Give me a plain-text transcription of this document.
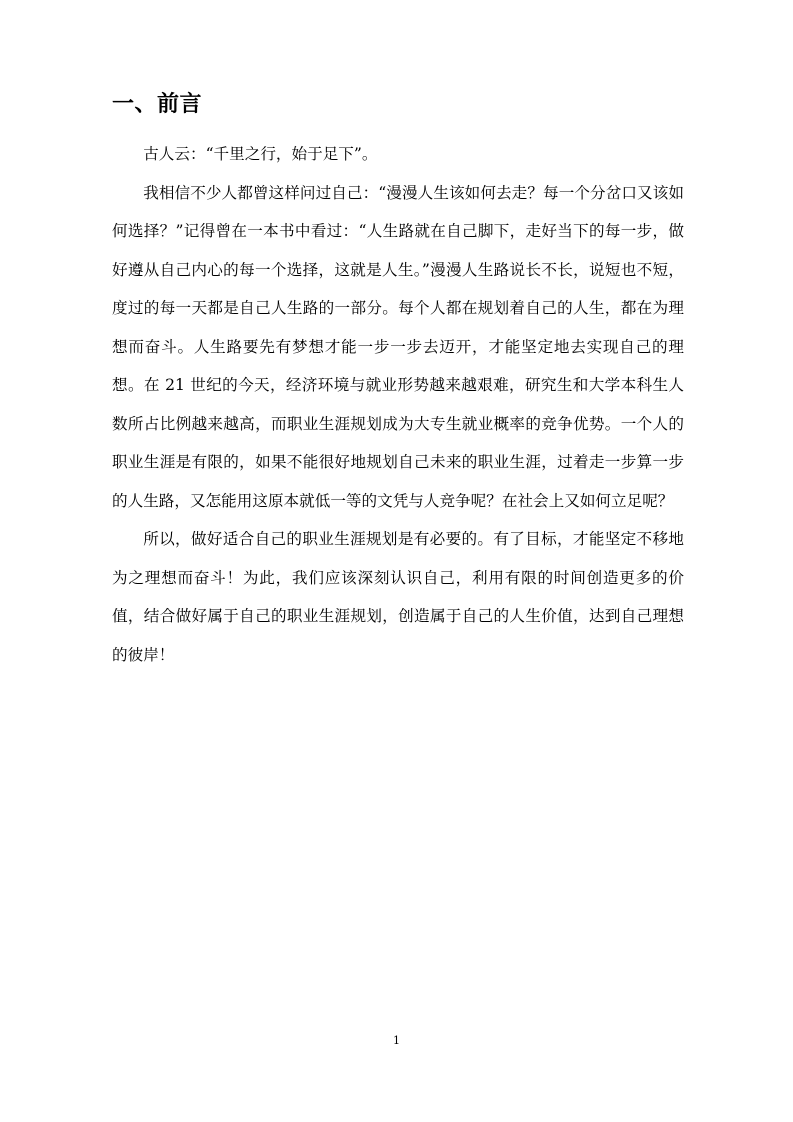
一、前言

古人云：“千里之行，始于足下”。

我相信不少人都曾这样问过自己：“漫漫人生该如何去走？每一个分岔口又该如何选择？”记得曾在一本书中看过：“人生路就在自己脚下，走好当下的每一步，做好遵从自己内心的每一个选择，这就是人生。”漫漫人生路说长不长，说短也不短，度过的每一天都是自己人生路的一部分。每个人都在规划着自己的人生，都在为理想而奋斗。人生路要先有梦想才能一步一步去迈开，才能坚定地去实现自己的理想。在 21 世纪的今天，经济环境与就业形势越来越艰难，研究生和大学本科生人数所占比例越来越高，而职业生涯规划成为大专生就业概率的竞争优势。一个人的职业生涯是有限的，如果不能很好地规划自己未来的职业生涯，过着走一步算一步的人生路，又怎能用这原本就低一等的文凭与人竞争呢？在社会上又如何立足呢？

所以，做好适合自己的职业生涯规划是有必要的。有了目标，才能坚定不移地为之理想而奋斗！为此，我们应该深刻认识自己，利用有限的时间创造更多的价值，结合做好属于自己的职业生涯规划，创造属于自己的人生价值，达到自己理想的彼岸！

1
